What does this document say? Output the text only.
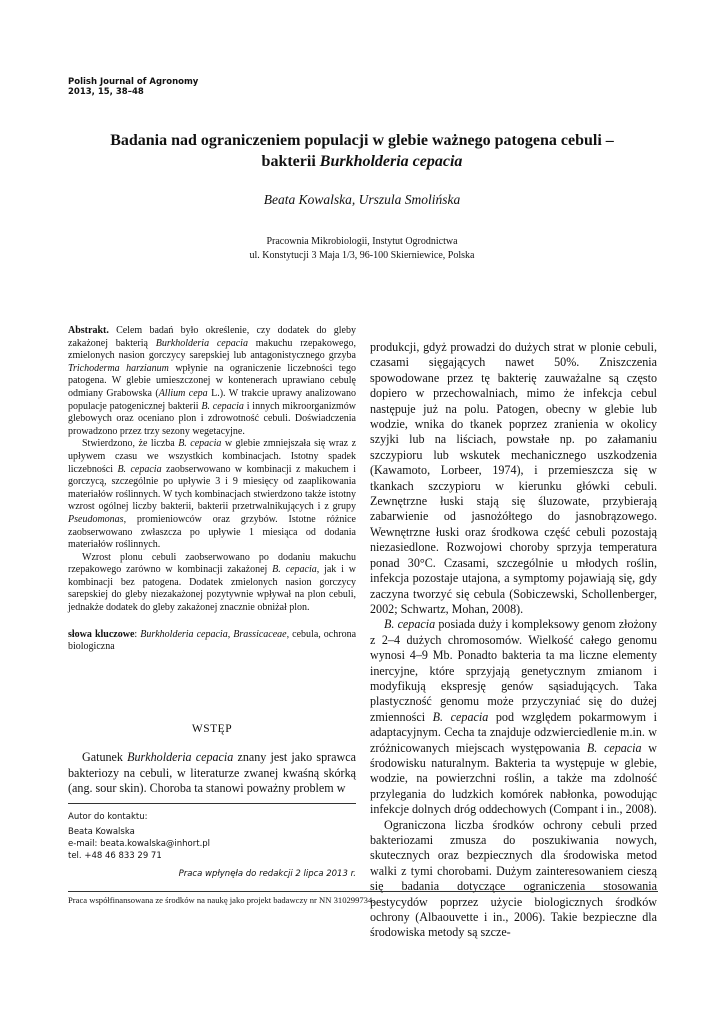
Polish Journal of Agronomy
2013, 15, 38–48
Badania nad ograniczeniem populacji w glebie ważnego patogena cebuli –
bakterii Burkholderia cepacia
Beata Kowalska, Urszula Smolińska
Pracownia Mikrobiologii, Instytut Ogrodnictwa
ul. Konstytucji 3 Maja 1/3, 96-100 Skierniewice, Polska

Abstrakt. Celem badań było określenie, czy dodatek do gleby zakażonej bakterią Burkholderia cepacia makuchu rzepakowego, zmielonych nasion gorczycy sarepskiej lub antagonistycznego grzyba Trichoderma harzianum wpłynie na ograniczenie liczebności tego patogena. W glebie umieszczonej w kontenerach uprawiano cebulę odmiany Grabowska (Allium cepa L.). W trakcie uprawy analizowano populacje patogenicznej bakterii B. cepacia i innych mikroorganizmów glebowych oraz oceniano plon i zdrowotność cebuli. Doświadczenia prowadzono przez trzy sezony wegetacyjne.

Stwierdzono, że liczba B. cepacia w glebie zmniejszała się wraz z upływem czasu we wszystkich kombinacjach. Istotny spadek liczebności B. cepacia zaobserwowano w kombinacji z makuchem i gorczycą, szczególnie po upływie 3 i 9 miesięcy od zaaplikowania materiałów roślinnych. W tych kombinacjach stwierdzono także istotny wzrost ogólnej liczby bakterii, bakterii przetrwalnikujących i z grupy Pseudomonas, promieniowców oraz grzybów. Istotne różnice zaobserwowano zwłaszcza po upływie 1 miesiąca od dodania materiałów roślinnych.

Wzrost plonu cebuli zaobserwowano po dodaniu makuchu rzepakowego zarówno w kombinacji zakażonej B. cepacia, jak i w kombinacji bez patogena. Dodatek zmielonych nasion gorczycy sarepskiej do gleby niezakażonej pozytywnie wpływał na plon cebuli, jednakże dodatek do gleby zakażonej znacznie obniżał plon.

słowa kluczowe: Burkholderia cepacia, Brassicaceae, cebula, ochrona biologiczna

WSTĘP

Gatunek Burkholderia cepacia znany jest jako sprawca bakteriozy na cebuli, w literaturze zwanej kwaśną skórką (ang. sour skin). Choroba ta stanowi poważny problem w

Autor do kontaktu:
Beata Kowalska
e-mail: beata.kowalska@inhort.pl
tel. +48 46 833 29 71
Praca wpłynęła do redakcji 2 lipca 2013 r.

produkcji, gdyż prowadzi do dużych strat w plonie cebuli, czasami sięgających nawet 50%. Zniszczenia spowodowane przez tę bakterię zauważalne są często dopiero w przechowalniach, mimo że infekcja cebul następuje już na polu. Patogen, obecny w glebie lub wodzie, wnika do tkanek poprzez zranienia w okolicy szyjki lub na liściach, powstałe np. po załamaniu szczypioru lub wskutek mechanicznego uszkodzenia (Kawamoto, Lorbeer, 1974), i przemieszcza się w tkankach szczypioru w kierunku główki cebuli. Zewnętrzne łuski stają się śluzowate, przybierają zabarwienie od jasnożółtego do jasnobrązowego. Wewnętrzne łuski oraz środkowa część cebuli pozostają niezasiedlone. Rozwojowi choroby sprzyja temperatura ponad 30°C. Czasami, szczególnie u młodych roślin, infekcja pozostaje utajona, a symptomy pojawiają się, gdy zaczyna tworzyć się cebula (Sobiczewski, Schollenberger, 2002; Schwartz, Mohan, 2008).

B. cepacia posiada duży i kompleksowy genom złożony z 2–4 dużych chromosomów. Wielkość całego genomu wynosi 4–9 Mb. Ponadto bakteria ta ma liczne elementy inercyjne, które sprzyjają genetycznym zmianom i modyfikują ekspresję genów sąsiadujących. Taka plastyczność genomu może przyczyniać się do dużej zmienności B. cepacia pod względem pokarmowym i adaptacyjnym. Cecha ta znajduje odzwierciedlenie m.in. w zróżnicowanych miejscach występowania B. cepacia w środowisku naturalnym. Bakteria ta występuje w glebie, wodzie, na powierzchni roślin, a także ma zdolność przylegania do ludzkich komórek nabłonka, powodując infekcje dolnych dróg oddechowych (Compant i in., 2008).

Ograniczona liczba środków ochrony cebuli przed bakteriozami zmusza do poszukiwania nowych, skutecznych oraz bezpiecznych dla środowiska metod walki z tymi chorobami. Dużym zainteresowaniem cieszą się badania dotyczące ograniczenia stosowania pestycydów poprzez użycie biologicznych środków ochrony (Albaouvette i in., 2006). Takie bezpieczne dla środowiska metody są szcze-

Praca współfinansowana ze środków na naukę jako projekt badawczy nr NN 310299734.
